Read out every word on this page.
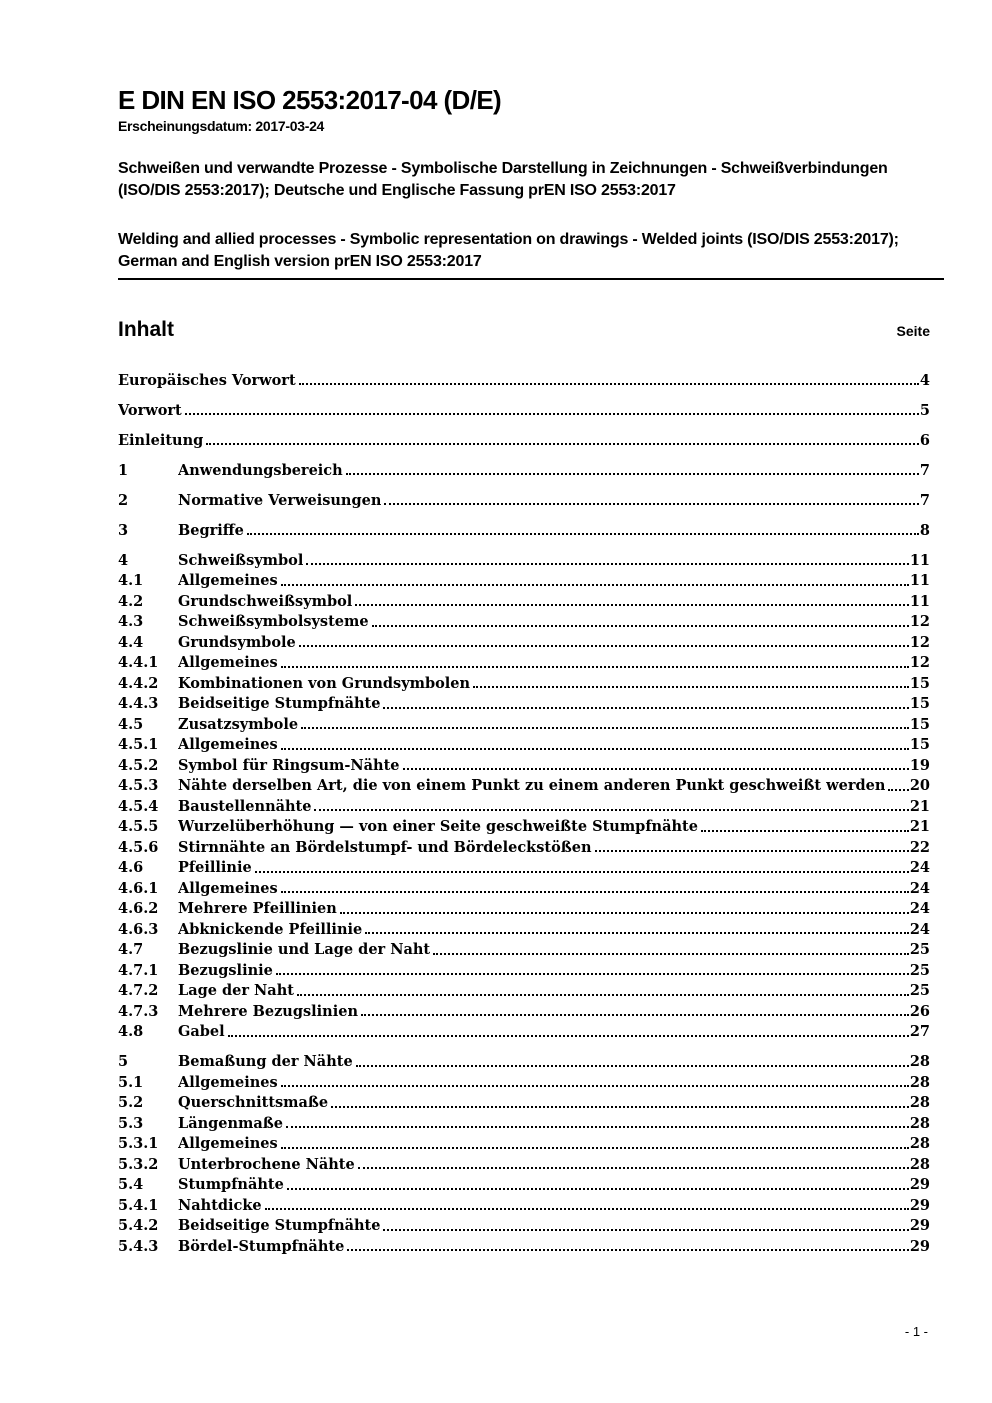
E DIN EN ISO 2553:2017-04 (D/E)
Erscheinungsdatum: 2017-03-24
Schweißen und verwandte Prozesse - Symbolische Darstellung in Zeichnungen - Schweißverbindungen (ISO/DIS 2553:2017); Deutsche und Englische Fassung prEN ISO 2553:2017
Welding and allied processes - Symbolic representation on drawings - Welded joints (ISO/DIS 2553:2017); German and English version prEN ISO 2553:2017
Inhalt	Seite
Europäisches Vorwort	4
Vorwort	5
Einleitung	6
1	Anwendungsbereich	7
2	Normative Verweisungen	7
3	Begriffe	8
4	Schweißsymbol	11
4.1	Allgemeines	11
4.2	Grundschweißsymbol	11
4.3	Schweißsymbolsysteme	12
4.4	Grundsymbole	12
4.4.1	Allgemeines	12
4.4.2	Kombinationen von Grundsymbolen	15
4.4.3	Beidseitige Stumpfnähte	15
4.5	Zusatzsymbole	15
4.5.1	Allgemeines	15
4.5.2	Symbol für Ringsum-Nähte	19
4.5.3	Nähte derselben Art, die von einem Punkt zu einem anderen Punkt geschweißt werden 20
4.5.4	Baustellennähte	21
4.5.5	Wurzelüberhöhung — von einer Seite geschweißte Stumpfnähte	21
4.5.6	Stirnnähte an Bördelstumpf- und Bördeleckstößen	22
4.6	Pfeillinie	24
4.6.1	Allgemeines	24
4.6.2	Mehrere Pfeillinien	24
4.6.3	Abknickende Pfeillinie	24
4.7	Bezugslinie und Lage der Naht	25
4.7.1	Bezugslinie	25
4.7.2	Lage der Naht	25
4.7.3	Mehrere Bezugslinien	26
4.8	Gabel	27
5	Bemaßung der Nähte	28
5.1	Allgemeines	28
5.2	Querschnittsmaße	28
5.3	Längenmaße	28
5.3.1	Allgemeines	28
5.3.2	Unterbrochene Nähte	28
5.4	Stumpfnähte	29
5.4.1	Nahtdicke	29
5.4.2	Beidseitige Stumpfnähte	29
5.4.3	Bördel-Stumpfnähte	29
- 1 -
